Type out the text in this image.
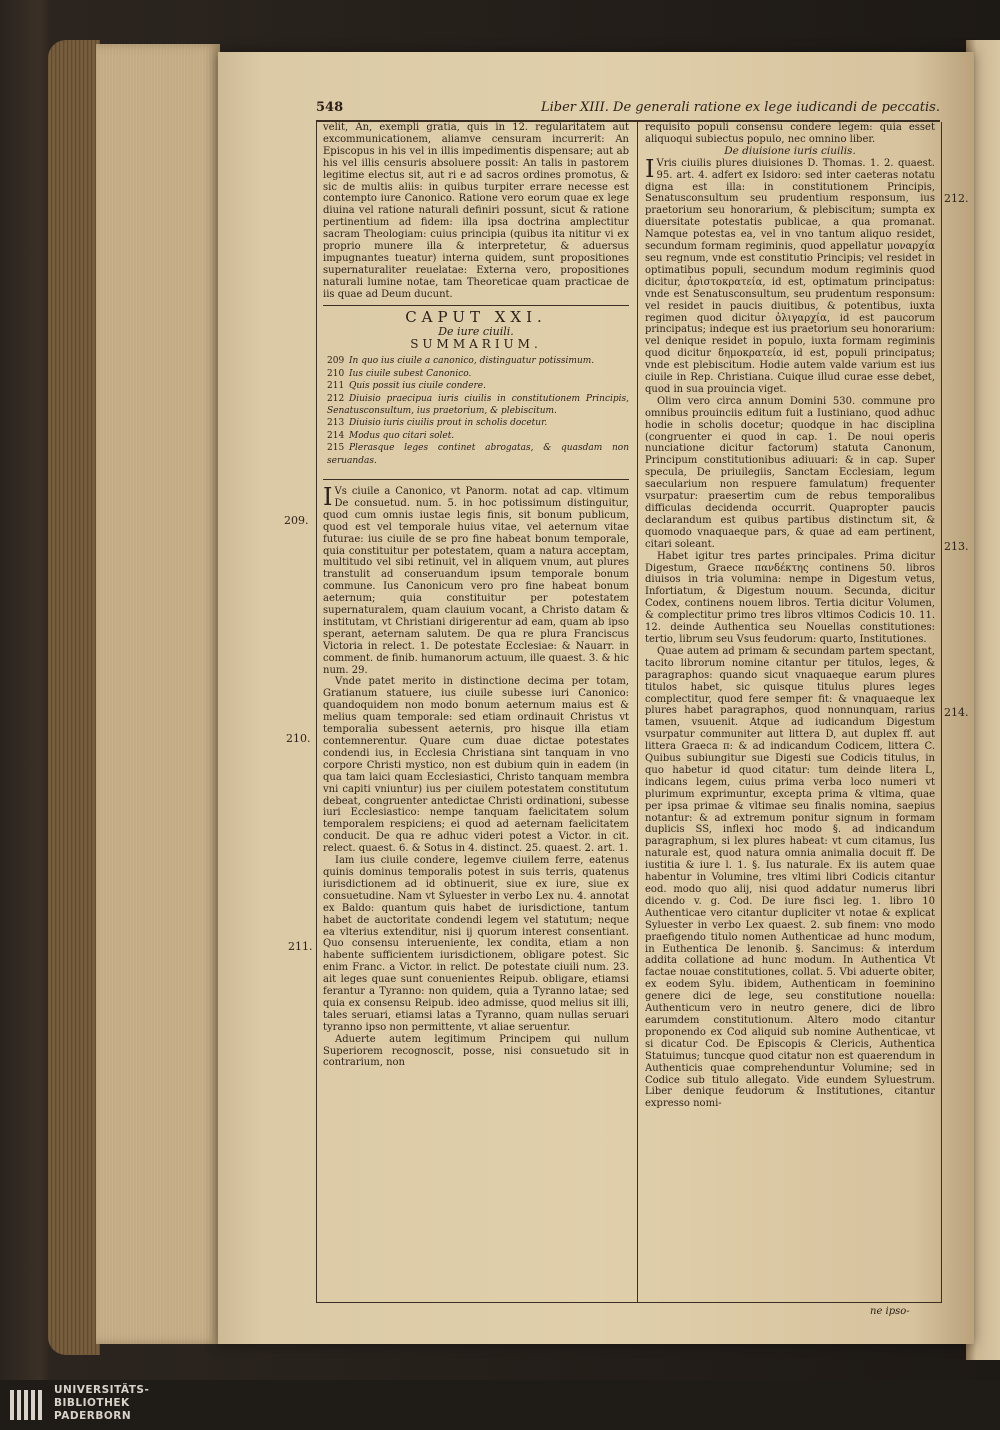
548	Liber XIII. De generali ratione ex lege iudicandi de peccatis.
209.
210.
211.
212.
213.
214.

velit, An, exempli gratia, quis in 12. regularitatem aut excommunicationem, aliamve censuram incurrerit: An Episcopus in his vel in illis impedimentis dispensare; aut ab his vel illis censuris absoluere possit: An talis in pastorem legitime electus sit, aut ri e ad sacros ordines promotus, & sic de multis aliis: in quibus turpiter errare necesse est contempto iure Canonico. Ratione vero eorum quae ex lege diuina vel ratione naturali definiri possunt, sicut & ratione pertinentium ad fidem: illa ipsa doctrina amplectitur sacram Theologiam: cuius principia (quibus ita nititur vi ex proprio munere illa & interpretetur, & aduersus impugnantes tueatur) interna quidem, sunt propositiones supernaturaliter reuelatae: Externa vero, propositiones naturali lumine notae, tam Theoreticae quam practicae de iis quae ad Deum ducunt.

CAPUT XXI.

De iure ciuili.

SUMMARIUM.

209 In quo ius ciuile a canonico, distinguatur potissimum.
210 Ius ciuile subest Canonico.
211 Quis possit ius ciuile condere.
212 Diuisio praecipua iuris ciuilis in constitutionem Principis, Senatusconsultum, ius praetorium, & plebiscitum.
213 Diuisio iuris ciuilis prout in scholis docetur.
214 Modus quo citari solet.
215 Plerasque leges continet abrogatas, & quasdam non seruandas.

I Vs ciuile a Canonico, vt Panorm. notat ad cap. vltimum De consuetud. num. 5. in hoc potissimum distinguitur, quod cum omnis iustae legis finis, sit bonum publicum, quod est vel temporale huius vitae, vel aeternum vitae futurae: ius ciuile de se pro fine habeat bonum temporale, quia constituitur per potestatem, quam a natura acceptam, multitudo vel sibi retinuit, vel in aliquem vnum, aut plures transtulit ad conseruandum ipsum temporale bonum commune. Ius Canonicum vero pro fine habeat bonum aeternum; quia constituitur per potestatem supernaturalem, quam clauium vocant, a Christo datam & institutam, vt Christiani dirigerentur ad eam, quam ab ipso sperant, aeternam salutem. De qua re plura Franciscus Victoria in relect. 1. De potestate Ecclesiae: & Nauarr. in comment. de finib. humanorum actuum, ille quaest. 3. & hic num. 29.

Vnde patet merito in distinctione decima per totam, Gratianum statuere, ius ciuile subesse iuri Canonico: quandoquidem non modo bonum aeternum maius est & melius quam temporale: sed etiam ordinauit Christus vt temporalia subessent aeternis, pro hisque illa etiam contemnerentur. Quare cum duae dictae potestates condendi ius, in Ecclesia Christiana sint tanquam in vno corpore Christi mystico, non est dubium quin in eadem (in qua tam laici quam Ecclesiastici, Christo tanquam membra vni capiti vniuntur) ius per ciuilem potestatem constitutum debeat, congruenter antedictae Christi ordinationi, subesse iuri Ecclesiastico: nempe tanquam faelicitatem solum temporalem respiciens; ei quod ad aeternam faelicitatem conducit. De qua re adhuc videri potest a Victor. in cit. relect. quaest. 6. & Sotus in 4. distinct. 25. quaest. 2. art. 1.

Iam ius ciuile condere, legemve ciuilem ferre, eatenus quinis dominus temporalis potest in suis terris, quatenus iurisdictionem ad id obtinuerit, siue ex iure, siue ex consuetudine. Nam vt Syluester in verbo Lex nu. 4. annotat ex Baldo: quantum quis habet de iurisdictione, tantum habet de auctoritate condendi legem vel statutum; neque ea vlterius extenditur, nisi ij quorum interest consentiant. Quo consensu interueniente, lex condita, etiam a non habente sufficientem iurisdictionem, obligare potest. Sic enim Franc. a Victor. in relict. De potestate ciuili num. 23. ait leges quae sunt conuenientes Reipub. obligare, etiamsi ferantur a Tyranno: non quidem, quia a Tyranno latae; sed quia ex consensu Reipub. ideo admisse, quod melius sit illi, tales seruari, etiamsi latas a Tyranno, quam nullas seruari tyranno ipso non permittente, vt aliae seruentur.

Aduerte autem legitimum Principem qui nullum Superiorem recognoscit, posse, nisi consuetudo sit in contrarium, non

requisito populi consensu condere legem: quia esset aliquoqui subiectus populo, nec omnino liber.

De diuisione iuris ciuilis.

I Vris ciuilis plures diuisiones D. Thomas. 1. 2. quaest. 95. art. 4. adfert ex Isidoro: sed inter caeteras notatu digna est illa: in constitutionem Principis, Senatusconsultum seu prudentium responsum, ius praetorium seu honorarium, & plebiscitum; sumpta ex diuersitate potestatis publicae, a qua promanat. Namque potestas ea, vel in vno tantum aliquo residet, secundum formam regiminis, quod appellatur μοναρχία seu regnum, vnde est constitutio Principis; vel residet in optimatibus populi, secundum modum regiminis quod dicitur, ἀριστοκρατεία, id est, optimatum principatus: vnde est Senatusconsultum, seu prudentum responsum: vel residet in paucis diuitibus, & potentibus, iuxta regimen quod dicitur ὀλιγαρχία, id est paucorum principatus; indeque est ius praetorium seu honorarium: vel denique residet in populo, iuxta formam regiminis quod dicitur δημοκρατεία, id est, populi principatus; vnde est plebiscitum. Hodie autem valde varium est ius ciuile in Rep. Christiana. Cuique illud curae esse debet, quod in sua prouincia viget.

Olim vero circa annum Domini 530. commune pro omnibus prouinciis editum fuit a Iustiniano, quod adhuc hodie in scholis docetur; quodque in hac disciplina (congruenter ei quod in cap. 1. De noui operis nunciatione dicitur factorum) statuta Canonum, Principum constitutionibus adiuuari: & in cap. Super specula, De priuilegiis, Sanctam Ecclesiam, legum saecularium non respuere famulatum) frequenter vsurpatur: praesertim cum de rebus temporalibus difficulas decidenda occurrit. Quapropter paucis declarandum est quibus partibus distinctum sit, & quomodo vnaquaeque pars, & quae ad eam pertinent, citari soleant.

Habet igitur tres partes principales. Prima dicitur Digestum, Graece πανδέκτης continens 50. libros diuisos in tria volumina: nempe in Digestum vetus, Infortiatum, & Digestum nouum. Secunda, dicitur Codex, continens nouem libros. Tertia dicitur Volumen, & complectitur primo tres libros vltimos Codicis 10. 11. 12. deinde Authentica seu Nouellas constitutiones: tertio, librum seu Vsus feudorum: quarto, Institutiones.

Quae autem ad primam & secundam partem spectant, tacito librorum nomine citantur per titulos, leges, & paragraphos: quando sicut vnaquaeque earum plures titulos habet, sic quisque titulus plures leges complectitur, quod fere semper fit: & vnaquaeque lex plures habet paragraphos, quod nonnunquam, rarius tamen, vsuuenit. Atque ad iudicandum Digestum vsurpatur communiter aut littera D, aut duplex ff. aut littera Graeca π: & ad indicandum Codicem, littera C. Quibus subiungitur sue Digesti sue Codicis titulus, in quo habetur id quod citatur: tum deinde litera L, indicans legem, cuius prima verba loco numeri vt plurimum exprimuntur, excepta prima & vltima, quae per ipsa primae & vltimae seu finalis nomina, saepius notantur: & ad extremum ponitur signum in formam duplicis SS, inflexi hoc modo §. ad indicandum paragraphum, si lex plures habeat: vt cum citamus, Ius naturale est, quod natura omnia animalia docuit ff. De iustitia & iure l. 1. §. Ius naturale. Ex iis autem quae habentur in Volumine, tres vltimi libri Codicis citantur eod. modo quo alij, nisi quod addatur numerus libri dicendo v. g. Cod. De iure fisci leg. 1. libro 10 Authenticae vero citantur dupliciter vt notae & explicat Syluester in verbo Lex quaest. 2. sub finem: vno modo praefigendo titulo nomen Authenticae ad hunc modum, in Euthentica De lenonib. §. Sancimus: & interdum addita collatione ad hunc modum. In Authentica Vt factae nouae constitutiones, collat. 5. Vbi aduerte obiter, ex eodem Sylu. ibidem, Authenticam in foeminino genere dici de lege, seu constitutione nouella: Authenticum vero in neutro genere, dici de libro earumdem constitutionum. Altero modo citantur proponendo ex Cod aliquid sub nomine Authenticae, vt si dicatur Cod. De Episcopis & Clericis, Authentica Statuimus; tuncque quod citatur non est quaerendum in Authenticis quae comprehenduntur Volumine; sed in Codice sub titulo allegato. Vide eundem Syluestrum. Liber denique feudorum & Institutiones, citantur expresso nomi-

ne ipso-
UNIVERSITÄTS-
BIBLIOTHEK
PADERBORN
